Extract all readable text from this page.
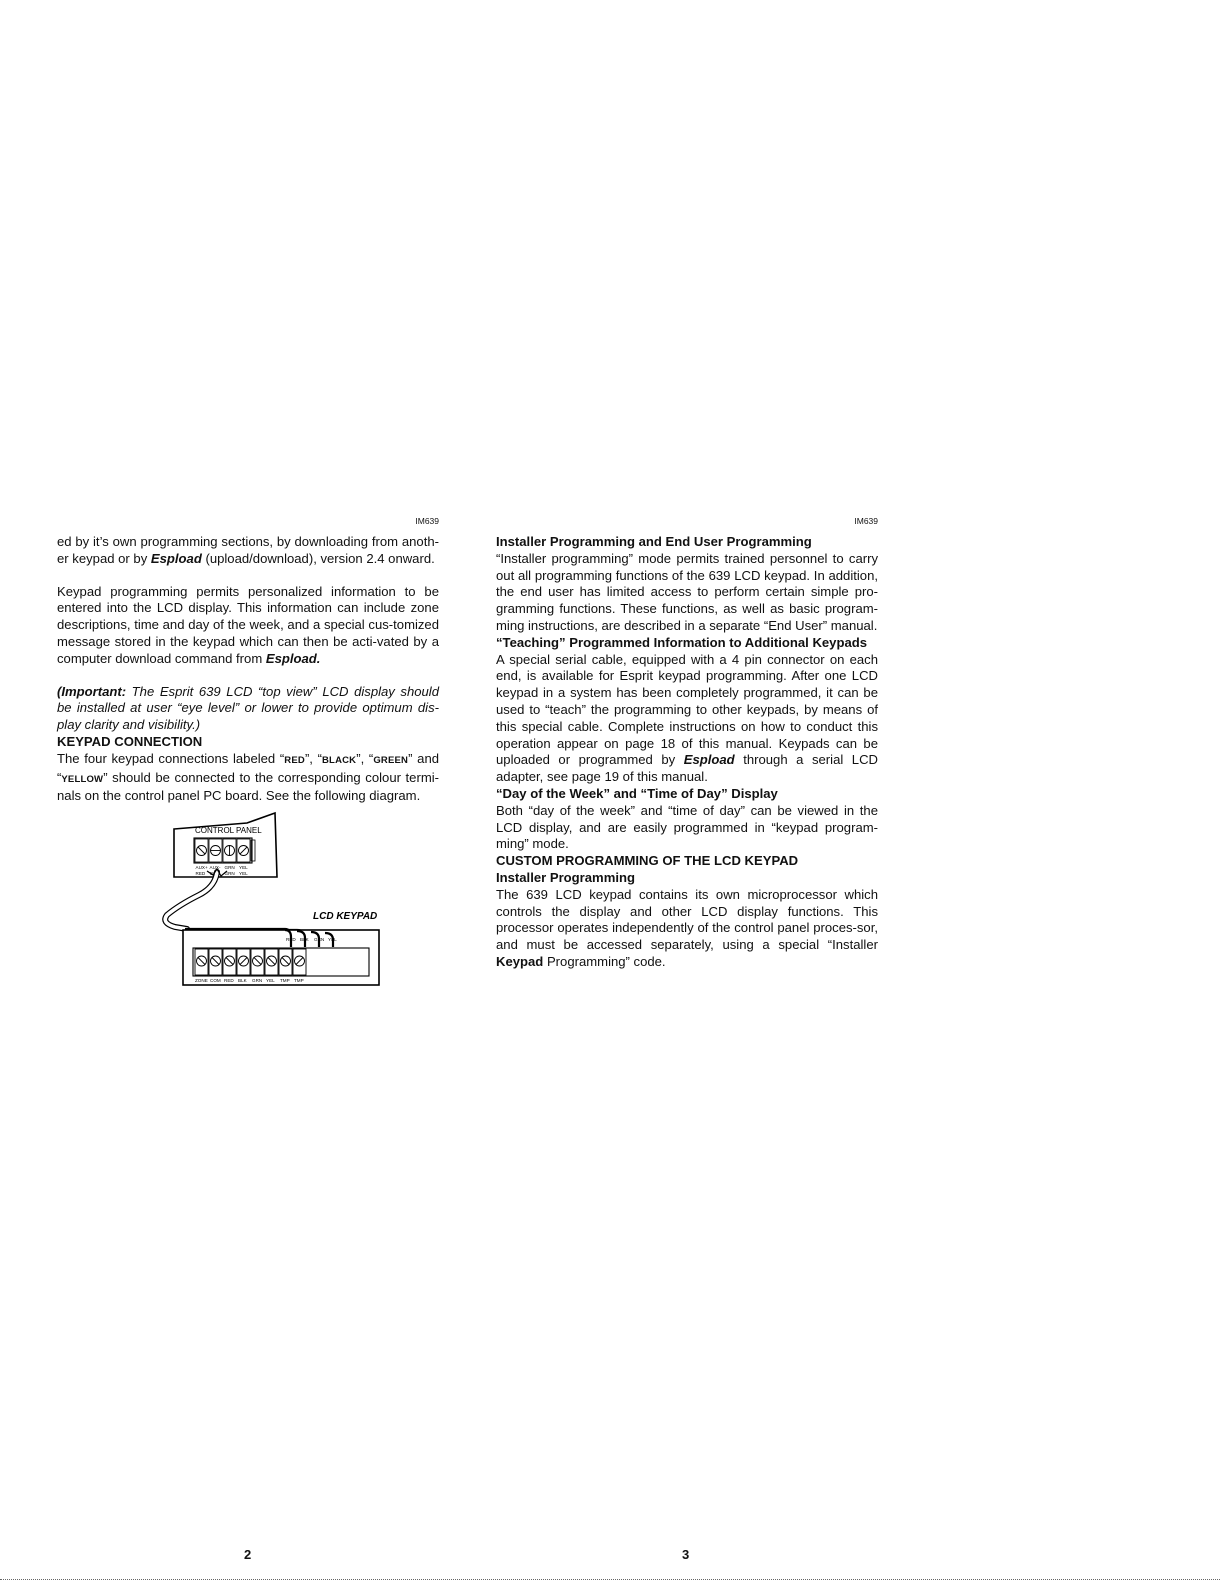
IM639

ed by it’s own programming sections, by downloading from anoth-er keypad or by Espload (upload/download), version 2.4 onward.

Keypad programming permits personalized information to be entered into the LCD display. This information can include zone descriptions, time and day of the week, and a special cus-tomized message stored in the keypad which can then be acti-vated by a computer download command from Espload.

(Important: The Esprit 639 LCD “top view” LCD display should be installed at user “eye level” or lower to provide optimum dis-play clarity and visibility.)

KEYPAD CONNECTION

The four keypad connections labeled “RED”, “BLACK”, “GREEN” and “YELLOW” should be connected to the corresponding colour termi-nals on the control panel PC board. See the following diagram.

CONTROL PANEL
AUX+ AUX- GRN YEL
RED BLK GRN YEL
LCD KEYPAD
RED BLK GRN YEL
ZONE COM RED BLK GRN YEL TMP TMP
2
IM639
Installer Programming and End User Programming

“Installer programming” mode permits trained personnel to carry out all programming functions of the 639 LCD keypad. In addition, the end user has limited access to perform certain simple pro-gramming functions. These functions, as well as basic program-ming instructions, are described in a separate “End User” manual.

“Teaching” Programmed Information to Additional Keypads

A special serial cable, equipped with a 4 pin connector on each end, is available for Esprit keypad programming. After one LCD keypad in a system has been completely programmed, it can be used to “teach” the programming to other keypads, by means of this special cable. Complete instructions on how to conduct this operation appear on page 18 of this manual. Keypads can be uploaded or programmed by Espload through a serial LCD adapter, see page 19 of this manual.

“Day of the Week” and “Time of Day” Display

Both “day of the week” and “time of day” can be viewed in the LCD display, and are easily programmed in “keypad program-ming” mode.

CUSTOM PROGRAMMING OF THE LCD KEYPAD
Installer Programming

The 639 LCD keypad contains its own microprocessor which controls the display and other LCD display functions. This processor operates independently of the control panel proces-sor, and must be accessed separately, using a special “Installer Keypad Programming” code.

3
